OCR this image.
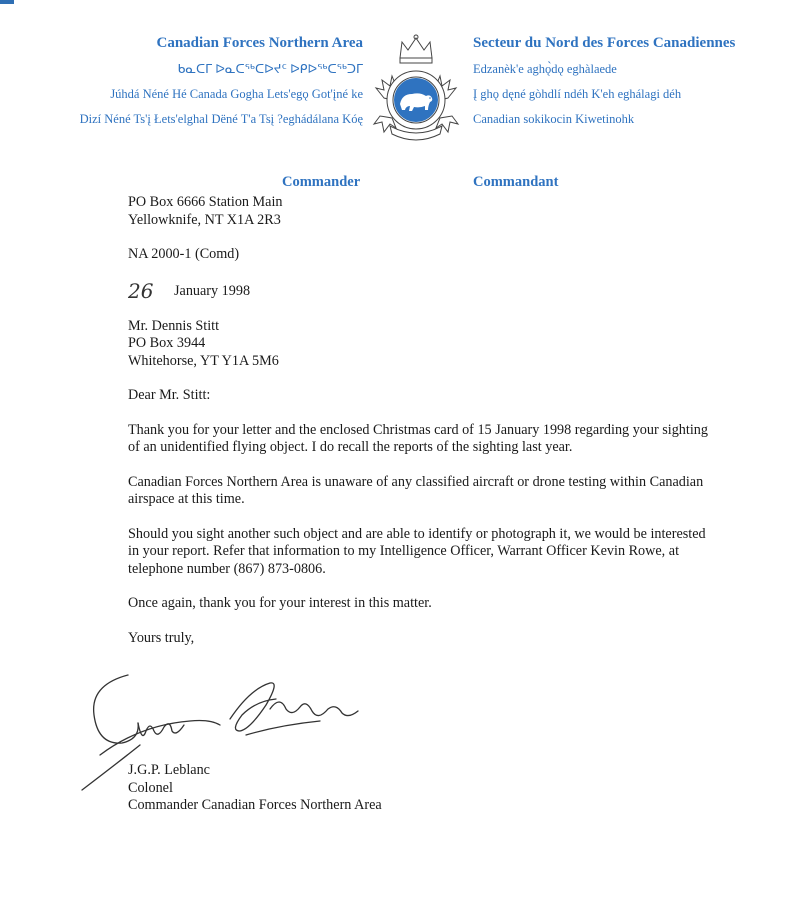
Canadian Forces Northern Area
ᑲᓇᑕᒥ ᐅᓇᑕᖅᑕᐅᔪᑦ ᐅᑭᐅᖅᑕᖅᑐᒥ
Júhdá Néné Hé Canada Gogha Lets'egǫ Got'įné ke
Dizí Néné Ts'į Łets'elghal Dëné T'a Tsį ?eghádálana Kóę
Secteur du Nord des Forces Canadiennes
Edzanèk'e aghǫ̀dǫ eghàlaede
Į ghǫ dęné gòhdlí ndéh K'eh eghálagi déh
Canadian sokikocin Kiwetinohk
Commander	Commandant
PO Box 6666 Station Main
Yellowknife, NT X1A 2R3
NA 2000-1 (Comd)
26	January 1998
Mr. Dennis Stitt
PO Box 3944
Whitehorse, YT Y1A 5M6

Dear Mr. Stitt:

Thank you for your letter and the enclosed Christmas card of 15 January 1998 regarding your sighting of an unidentified flying object. I do recall the reports of the sighting last year.

Canadian Forces Northern Area is unaware of any classified aircraft or drone testing within Canadian airspace at this time.

Should you sight another such object and are able to identify or photograph it, we would be interested in your report. Refer that information to my Intelligence Officer, Warrant Officer Kevin Rowe, at telephone number (867) 873-0806.

Once again, thank you for your interest in this matter.

Yours truly,

J.G.P. Leblanc
Colonel
Commander Canadian Forces Northern Area
